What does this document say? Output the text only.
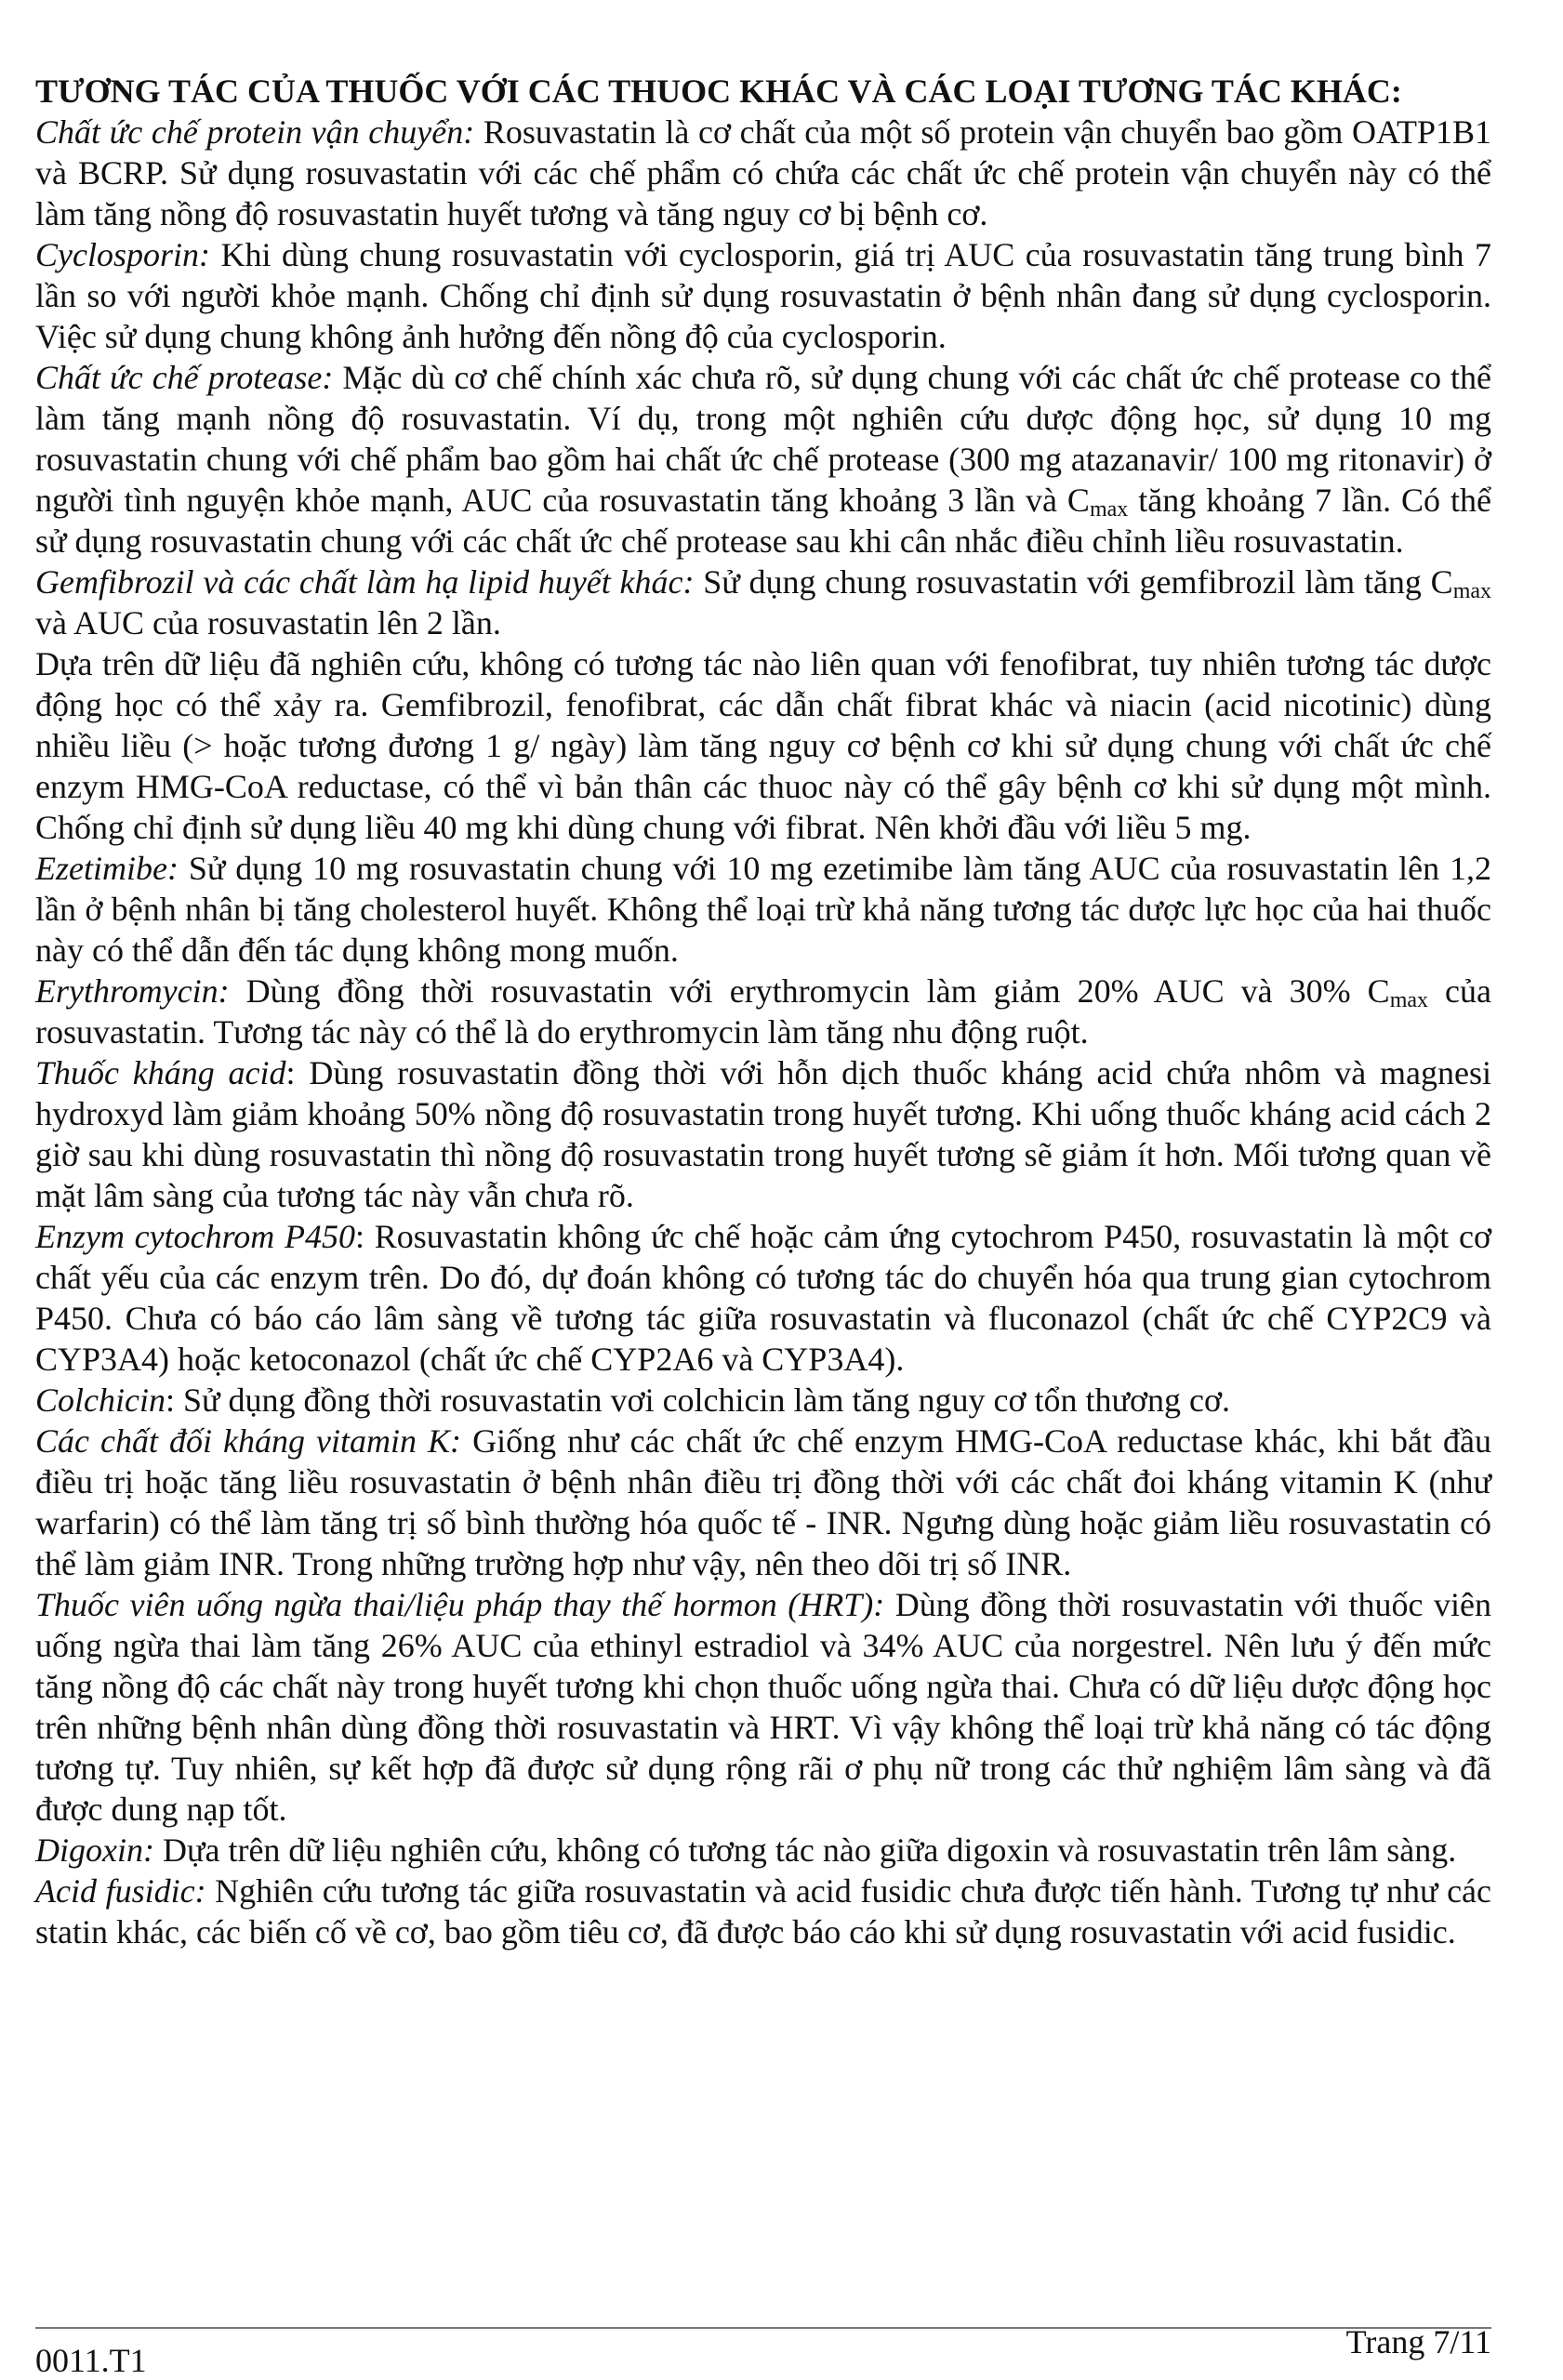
TƯƠNG TÁC CỦA THUỐC VỚI CÁC THUOC KHÁC VÀ CÁC LOẠI TƯƠNG TÁC KHÁC:

Chất ức chế protein vận chuyển: Rosuvastatin là cơ chất của một số protein vận chuyển bao gồm OATP1B1 và BCRP. Sử dụng rosuvastatin với các chế phẩm có chứa các chất ức chế protein vận chuyển này có thể làm tăng nồng độ rosuvastatin huyết tương và tăng nguy cơ bị bệnh cơ.

Cyclosporin: Khi dùng chung rosuvastatin với cyclosporin, giá trị AUC của rosuvastatin tăng trung bình 7 lần so với người khỏe mạnh. Chống chỉ định sử dụng rosuvastatin ở bệnh nhân đang sử dụng cyclosporin. Việc sử dụng chung không ảnh hưởng đến nồng độ của cyclosporin.

Chất ức chế protease: Mặc dù cơ chế chính xác chưa rõ, sử dụng chung với các chất ức chế protease co thể làm tăng mạnh nồng độ rosuvastatin. Ví dụ, trong một nghiên cứu dược động học, sử dụng 10 mg rosuvastatin chung với chế phẩm bao gồm hai chất ức chế protease (300 mg atazanavir/ 100 mg ritonavir) ở người tình nguyện khỏe mạnh, AUC của rosuvastatin tăng khoảng 3 lần và $C_{max}$ tăng khoảng 7 lần. Có thể sử dụng rosuvastatin chung với các chất ức chế protease sau khi cân nhắc điều chỉnh liều rosuvastatin.

Gemfibrozil và các chất làm hạ lipid huyết khác: Sử dụng chung rosuvastatin với gemfibrozil làm tăng $C_{max}$ và AUC của rosuvastatin lên 2 lần.

Dựa trên dữ liệu đã nghiên cứu, không có tương tác nào liên quan với fenofibrat, tuy nhiên tương tác dược động học có thể xảy ra. Gemfibrozil, fenofibrat, các dẫn chất fibrat khác và niacin (acid nicotinic) dùng nhiều liều (> hoặc tương đương 1 g/ ngày) làm tăng nguy cơ bệnh cơ khi sử dụng chung với chất ức chế enzym HMG-CoA reductase, có thể vì bản thân các thuoc này có thể gây bệnh cơ khi sử dụng một mình. Chống chỉ định sử dụng liều 40 mg khi dùng chung với fibrat. Nên khởi đầu với liều 5 mg.

Ezetimibe: Sử dụng 10 mg rosuvastatin chung với 10 mg ezetimibe làm tăng AUC của rosuvastatin lên 1,2 lần ở bệnh nhân bị tăng cholesterol huyết. Không thể loại trừ khả năng tương tác dược lực học của hai thuốc này có thể dẫn đến tác dụng không mong muốn.

Erythromycin: Dùng đồng thời rosuvastatin với erythromycin làm giảm 20% AUC và 30% $C_{max}$ của rosuvastatin. Tương tác này có thể là do erythromycin làm tăng nhu động ruột.

Thuốc kháng acid: Dùng rosuvastatin đồng thời với hỗn dịch thuốc kháng acid chứa nhôm và magnesi hydroxyd làm giảm khoảng 50% nồng độ rosuvastatin trong huyết tương. Khi uống thuốc kháng acid cách 2 giờ sau khi dùng rosuvastatin thì nồng độ rosuvastatin trong huyết tương sẽ giảm ít hơn. Mối tương quan về mặt lâm sàng của tương tác này vẫn chưa rõ.

Enzym cytochrom P450: Rosuvastatin không ức chế hoặc cảm ứng cytochrom P450, rosuvastatin là một cơ chất yếu của các enzym trên. Do đó, dự đoán không có tương tác do chuyển hóa qua trung gian cytochrom P450. Chưa có báo cáo lâm sàng về tương tác giữa rosuvastatin và fluconazol (chất ức chế CYP2C9 và CYP3A4) hoặc ketoconazol (chất ức chế CYP2A6 và CYP3A4).

Colchicin: Sử dụng đồng thời rosuvastatin vơi colchicin làm tăng nguy cơ tổn thương cơ.

Các chất đối kháng vitamin K: Giống như các chất ức chế enzym HMG-CoA reductase khác, khi bắt đầu điều trị hoặc tăng liều rosuvastatin ở bệnh nhân điều trị đồng thời với các chất đoi kháng vitamin K (như warfarin) có thể làm tăng trị số bình thường hóa quốc tế - INR. Ngưng dùng hoặc giảm liều rosuvastatin có thể làm giảm INR. Trong những trường hợp như vậy, nên theo dõi trị số INR.

Thuốc viên uống ngừa thai/liệu pháp thay thế hormon (HRT): Dùng đồng thời rosuvastatin với thuốc viên uống ngừa thai làm tăng 26% AUC của ethinyl estradiol và 34% AUC của norgestrel. Nên lưu ý đến mức tăng nồng độ các chất này trong huyết tương khi chọn thuốc uống ngừa thai. Chưa có dữ liệu dược động học trên những bệnh nhân dùng đồng thời rosuvastatin và HRT. Vì vậy không thể loại trừ khả năng có tác động tương tự. Tuy nhiên, sự kết hợp đã được sử dụng rộng rãi ơ phụ nữ trong các thử nghiệm lâm sàng và đã được dung nạp tốt.

Digoxin: Dựa trên dữ liệu nghiên cứu, không có tương tác nào giữa digoxin và rosuvastatin trên lâm sàng.

Acid fusidic: Nghiên cứu tương tác giữa rosuvastatin và acid fusidic chưa được tiến hành. Tương tự như các statin khác, các biến cố về cơ, bao gồm tiêu cơ, đã được báo cáo khi sử dụng rosuvastatin với acid fusidic.

0011.T1	Trang 7/11
